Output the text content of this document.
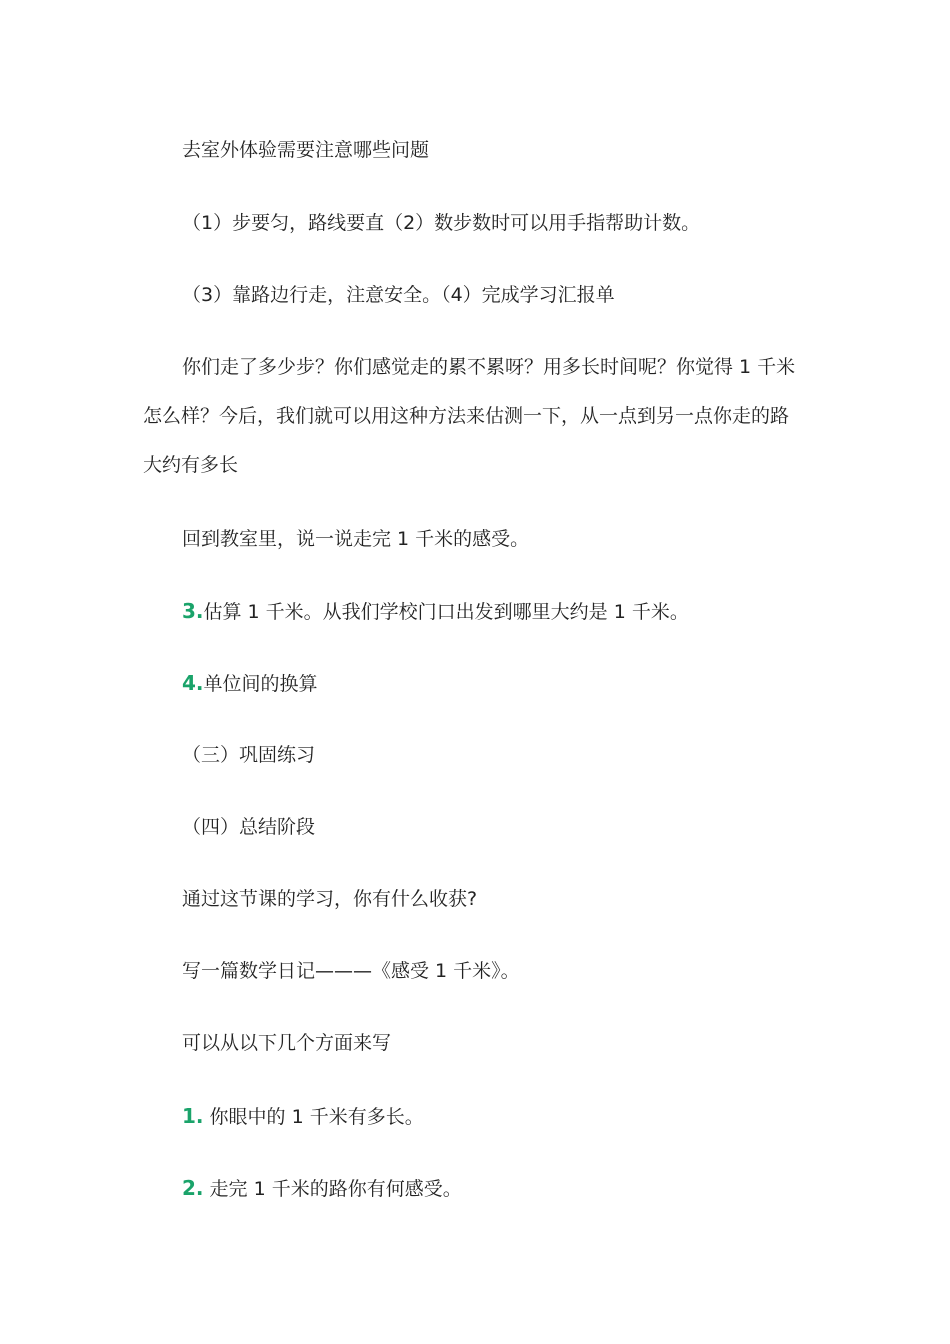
去室外体验需要注意哪些问题
（1）步要匀，路线要直（2）数步数时可以用手指帮助计数。
（3）靠路边行走，注意安全。（4）完成学习汇报单
你们走了多少步？你们感觉走的累不累呀？用多长时间呢？你觉得 1 千米怎么样？今后，我们就可以用这种方法来估测一下，从一点到另一点你走的路大约有多长
回到教室里，说一说走完 1 千米的感受。
3.估算 1 千米。从我们学校门口出发到哪里大约是 1 千米。
4.单位间的换算
（三）巩固练习
（四）总结阶段
通过这节课的学习，你有什么收获?
写一篇数学日记———《感受 1 千米》。
可以从以下几个方面来写
1. 你眼中的 1 千米有多长。
2. 走完 1 千米的路你有何感受。
